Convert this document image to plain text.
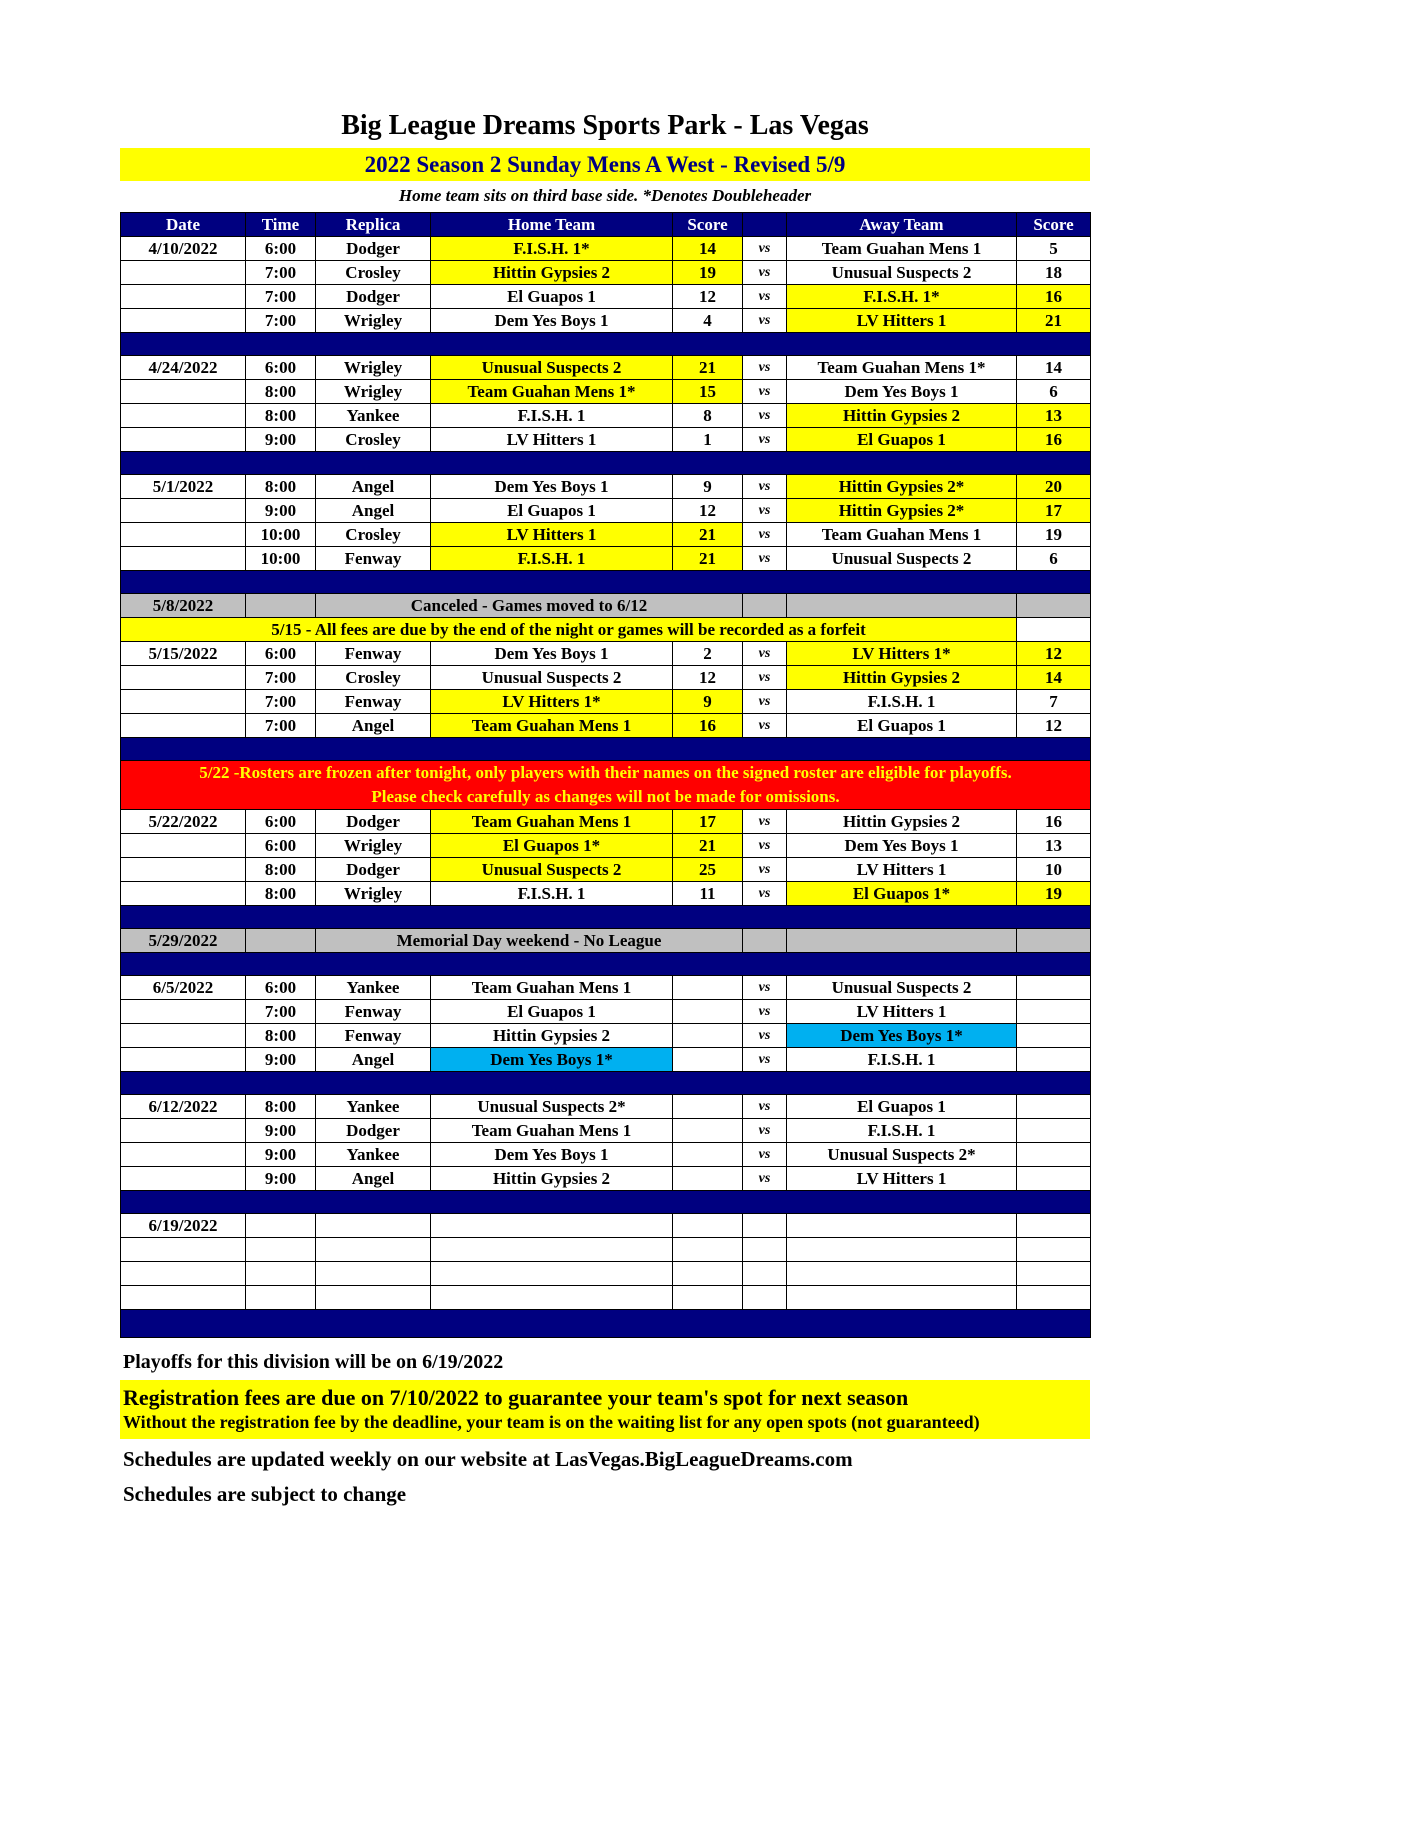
Big League Dreams Sports Park - Las Vegas
2022 Season 2 Sunday Mens A West - Revised 5/9
Home team sits on third base side. *Denotes Doubleheader
Date	Time	Replica	Home Team	Score		Away Team	Score
4/10/2022	6:00	Dodger	F.I.S.H. 1*	14	vs	Team Guahan Mens 1	5
	7:00	Crosley	Hittin Gypsies 2	19	vs	Unusual Suspects 2	18
	7:00	Dodger	El Guapos 1	12	vs	F.I.S.H. 1*	16
	7:00	Wrigley	Dem Yes Boys 1	4	vs	LV Hitters 1	21

4/24/2022	6:00	Wrigley	Unusual Suspects 2	21	vs	Team Guahan Mens 1*	14
	8:00	Wrigley	Team Guahan Mens 1*	15	vs	Dem Yes Boys 1	6
	8:00	Yankee	F.I.S.H. 1	8	vs	Hittin Gypsies 2	13
	9:00	Crosley	LV Hitters 1	1	vs	El Guapos 1	16

5/1/2022	8:00	Angel	Dem Yes Boys 1	9	vs	Hittin Gypsies 2*	20
	9:00	Angel	El Guapos 1	12	vs	Hittin Gypsies 2*	17
	10:00	Crosley	LV Hitters 1	21	vs	Team Guahan Mens 1	19
	10:00	Fenway	F.I.S.H. 1	21	vs	Unusual Suspects 2	6

5/8/2022		Canceled - Games moved to 6/12					
5/15 - All fees are due by the end of the night or games will be recorded as a forfeit							
5/15/2022	6:00	Fenway	Dem Yes Boys 1	2	vs	LV Hitters 1*	12
	7:00	Crosley	Unusual Suspects 2	12	vs	Hittin Gypsies 2	14
	7:00	Fenway	LV Hitters 1*	9	vs	F.I.S.H. 1	7
	7:00	Angel	Team Guahan Mens 1	16	vs	El Guapos 1	12

5/22 -Rosters are frozen after tonight, only players with their names on the signed roster are eligible for playoffs.
Please check carefully as changes will not be made for omissions.							

5/22/2022	6:00	Dodger	Team Guahan Mens 1	17	vs	Hittin Gypsies 2	16
	6:00	Wrigley	El Guapos 1*	21	vs	Dem Yes Boys 1	13
	8:00	Dodger	Unusual Suspects 2	25	vs	LV Hitters 1	10
	8:00	Wrigley	F.I.S.H. 1	11	vs	El Guapos 1*	19

5/29/2022		Memorial Day weekend - No League					

6/5/2022	6:00	Yankee	Team Guahan Mens 1		vs	Unusual Suspects 2	
	7:00	Fenway	El Guapos 1		vs	LV Hitters 1	
	8:00	Fenway	Hittin Gypsies 2		vs	Dem Yes Boys 1*	
	9:00	Angel	Dem Yes Boys 1*		vs	F.I.S.H. 1	

6/12/2022	8:00	Yankee	Unusual Suspects 2*		vs	El Guapos 1	
	9:00	Dodger	Team Guahan Mens 1		vs	F.I.S.H. 1	
	9:00	Yankee	Dem Yes Boys 1		vs	Unusual Suspects 2*	
	9:00	Angel	Hittin Gypsies 2		vs	LV Hitters 1	

6/19/2022							

Playoffs for this division will be on 6/19/2022
Registration fees are due on 7/10/2022 to guarantee your team's spot for next season
Without the registration fee by the deadline, your team is on the waiting list for any open spots (not guaranteed)
Schedules are updated weekly on our website at LasVegas.BigLeagueDreams.com
Schedules are subject to change
